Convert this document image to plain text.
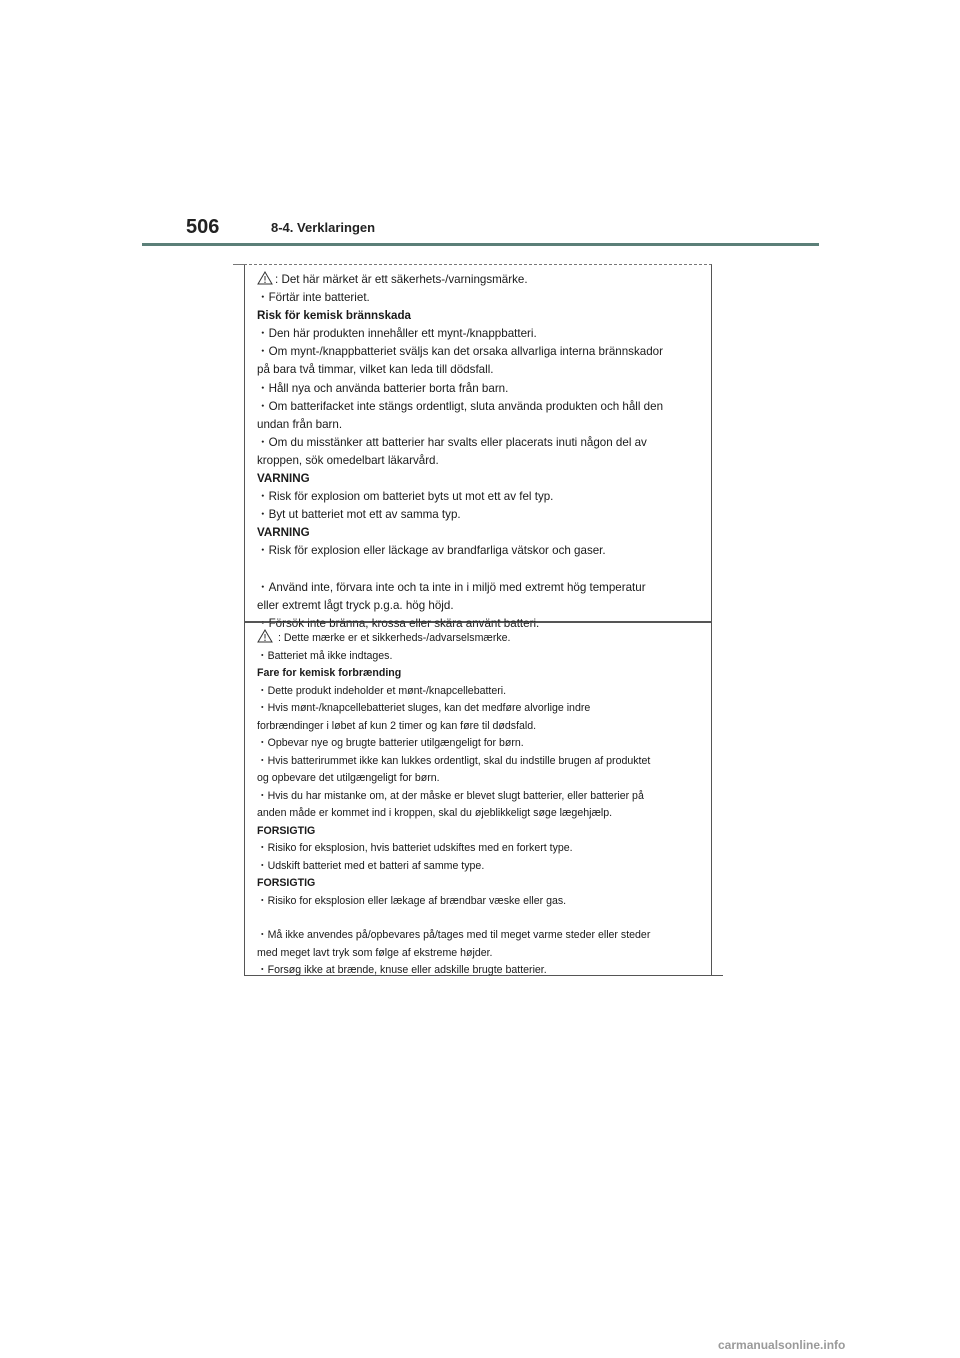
506	8-4. Verklaringen
: Det här märket är ett säkerhets-/varningsmärke.
・Förtär inte batteriet.
Risk för kemisk brännskada
・Den här produkten innehåller ett mynt-/knappbatteri.
・Om mynt-/knappbatteriet sväljs kan det orsaka allvarliga interna brännskador
på bara två timmar, vilket kan leda till dödsfall.
・Håll nya och använda batterier borta från barn.
・Om batterifacket inte stängs ordentligt, sluta använda produkten och håll den
undan från barn.
・Om du misstänker att batterier har svalts eller placerats inuti någon del av
kroppen, sök omedelbart läkarvård.
VARNING
・Risk för explosion om batteriet byts ut mot ett av fel typ.
・Byt ut batteriet mot ett av samma typ.
VARNING
・Risk för explosion eller läckage av brandfarliga vätskor och gaser.
・Använd inte, förvara inte och ta inte in i miljö med extremt hög temperatur
eller extremt lågt tryck p.g.a. hög höjd.
・Försök inte bränna, krossa eller skära använt batteri.
: Dette mærke er et sikkerheds-/advarselsmærke.
・Batteriet må ikke indtages.
Fare for kemisk forbrænding
・Dette produkt indeholder et mønt-/knapcellebatteri.
・Hvis mønt-/knapcellebatteriet sluges, kan det medføre alvorlige indre
forbrændinger i løbet af kun 2 timer og kan føre til dødsfald.
・Opbevar nye og brugte batterier utilgængeligt for børn.
・Hvis batterirummet ikke kan lukkes ordentligt, skal du indstille brugen af produktet
og opbevare det utilgængeligt for børn.
・Hvis du har mistanke om, at der måske er blevet slugt batterier, eller batterier på
anden måde er kommet ind i kroppen, skal du øjeblikkeligt søge lægehjælp.
FORSIGTIG
・Risiko for eksplosion, hvis batteriet udskiftes med en forkert type.
・Udskift batteriet med et batteri af samme type.
FORSIGTIG
・Risiko for eksplosion eller lækage af brændbar væske eller gas.
・Må ikke anvendes på/opbevares på/tages med til meget varme steder eller steder
med meget lavt tryk som følge af ekstreme højder.
・Forsøg ikke at brænde, knuse eller adskille brugte batterier.
carmanualsonline.info
